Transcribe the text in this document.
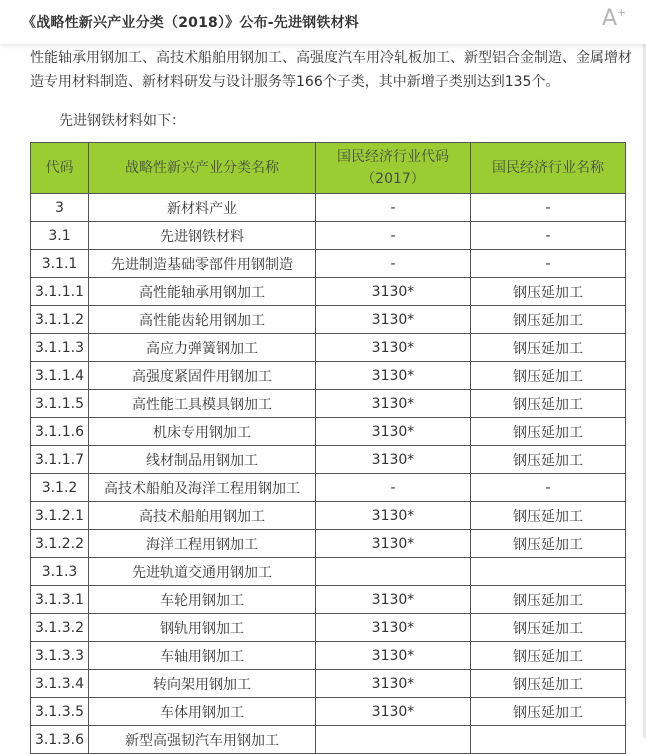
《战略性新兴产业分类（2018）》公布-先进钢铁材料	A +

性能轴承用钢加工、高技术船舶用钢加工、高强度汽车用冷轧板加工、新型铝合金制造、金属增材

造专用材料制造、新材料研发与设计服务等166个子类，其中新增子类别达到135个。

先进钢铁材料如下：

代码	战略性新兴产业分类名称	国民经济行业代码（2017）	国民经济行业名称
3	新材料产业	-	-
3.1	先进钢铁材料	-	-
3.1.1	先进制造基础零部件用钢制造	-	-
3.1.1.1	高性能轴承用钢加工	3130*	钢压延加工
3.1.1.2	高性能齿轮用钢加工	3130*	钢压延加工
3.1.1.3	高应力弹簧钢加工	3130*	钢压延加工
3.1.1.4	高强度紧固件用钢加工	3130*	钢压延加工
3.1.1.5	高性能工具模具钢加工	3130*	钢压延加工
3.1.1.6	机床专用钢加工	3130*	钢压延加工
3.1.1.7	线材制品用钢加工	3130*	钢压延加工
3.1.2	高技术船舶及海洋工程用钢加工	-	-
3.1.2.1	高技术船舶用钢加工	3130*	钢压延加工
3.1.2.2	海洋工程用钢加工	3130*	钢压延加工
3.1.3	先进轨道交通用钢加工		
3.1.3.1	车轮用钢加工	3130*	钢压延加工
3.1.3.2	钢轨用钢加工	3130*	钢压延加工
3.1.3.3	车轴用钢加工	3130*	钢压延加工
3.1.3.4	转向架用钢加工	3130*	钢压延加工
3.1.3.5	车体用钢加工	3130*	钢压延加工
3.1.3.6	新型高强韧汽车用钢加工		
